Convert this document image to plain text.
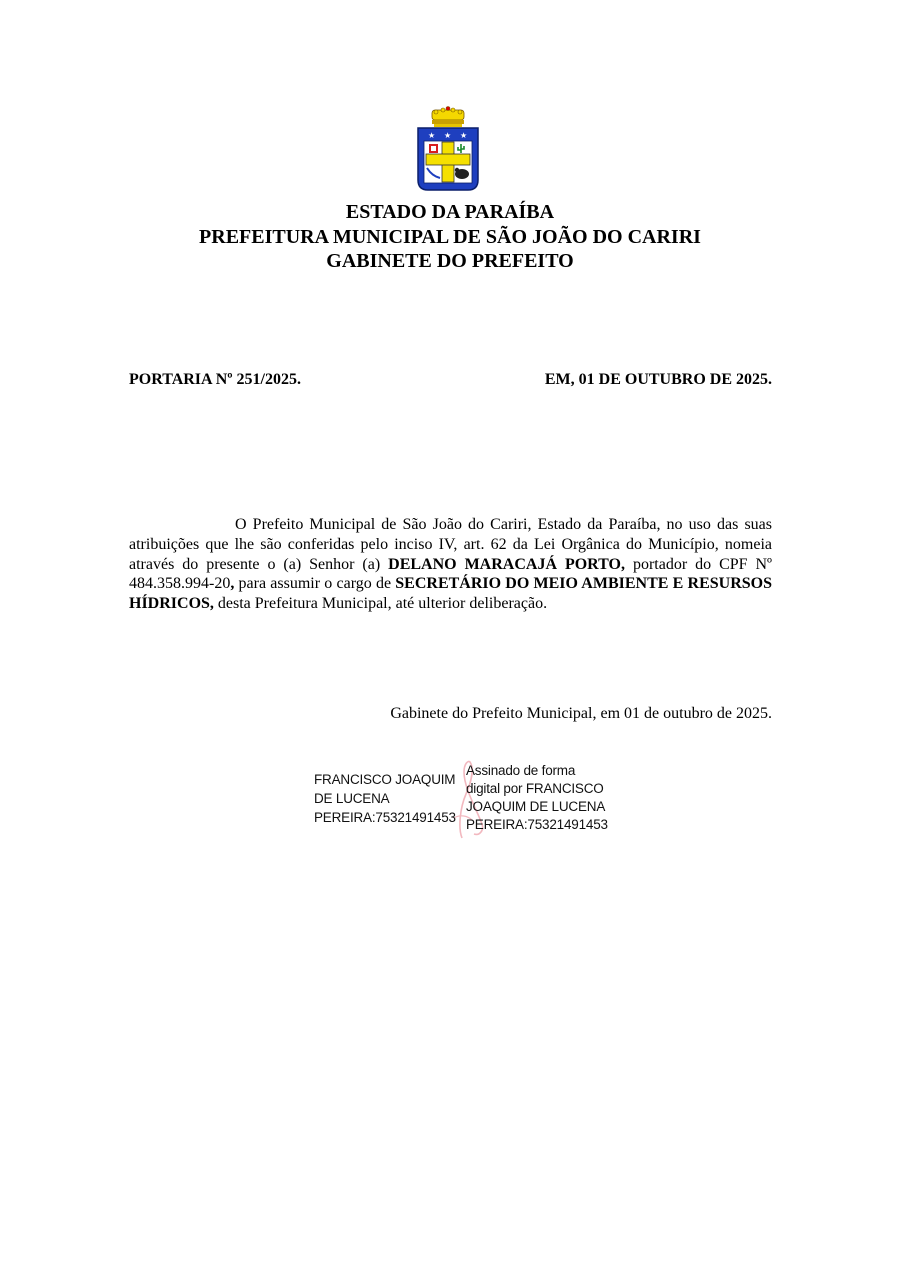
★ ★ ★
ESTADO DA PARAÍBA
PREFEITURA MUNICIPAL DE SÃO JOÃO DO CARIRI
GABINETE DO PREFEITO
PORTARIA Nº 251/2025.	EM, 01 DE OUTUBRO DE 2025.

O Prefeito Municipal de São João do Cariri, Estado da Paraíba, no uso das suas atribuições que lhe são conferidas pelo inciso IV, art. 62 da Lei Orgânica do Município, nomeia através do presente o (a) Senhor (a) DELANO MARACAJÁ PORTO, portador do CPF Nº 484.358.994-20, para assumir o cargo de SECRETÁRIO DO MEIO AMBIENTE E RESURSOS HÍDRICOS, desta Prefeitura Municipal, até ulterior deliberação.

Gabinete do Prefeito Municipal, em 01 de outubro de 2025.
FRANCISCO JOAQUIM
DE LUCENA
PEREIRA:75321491453
Assinado de forma
digital por FRANCISCO
JOAQUIM DE LUCENA
PEREIRA:75321491453
